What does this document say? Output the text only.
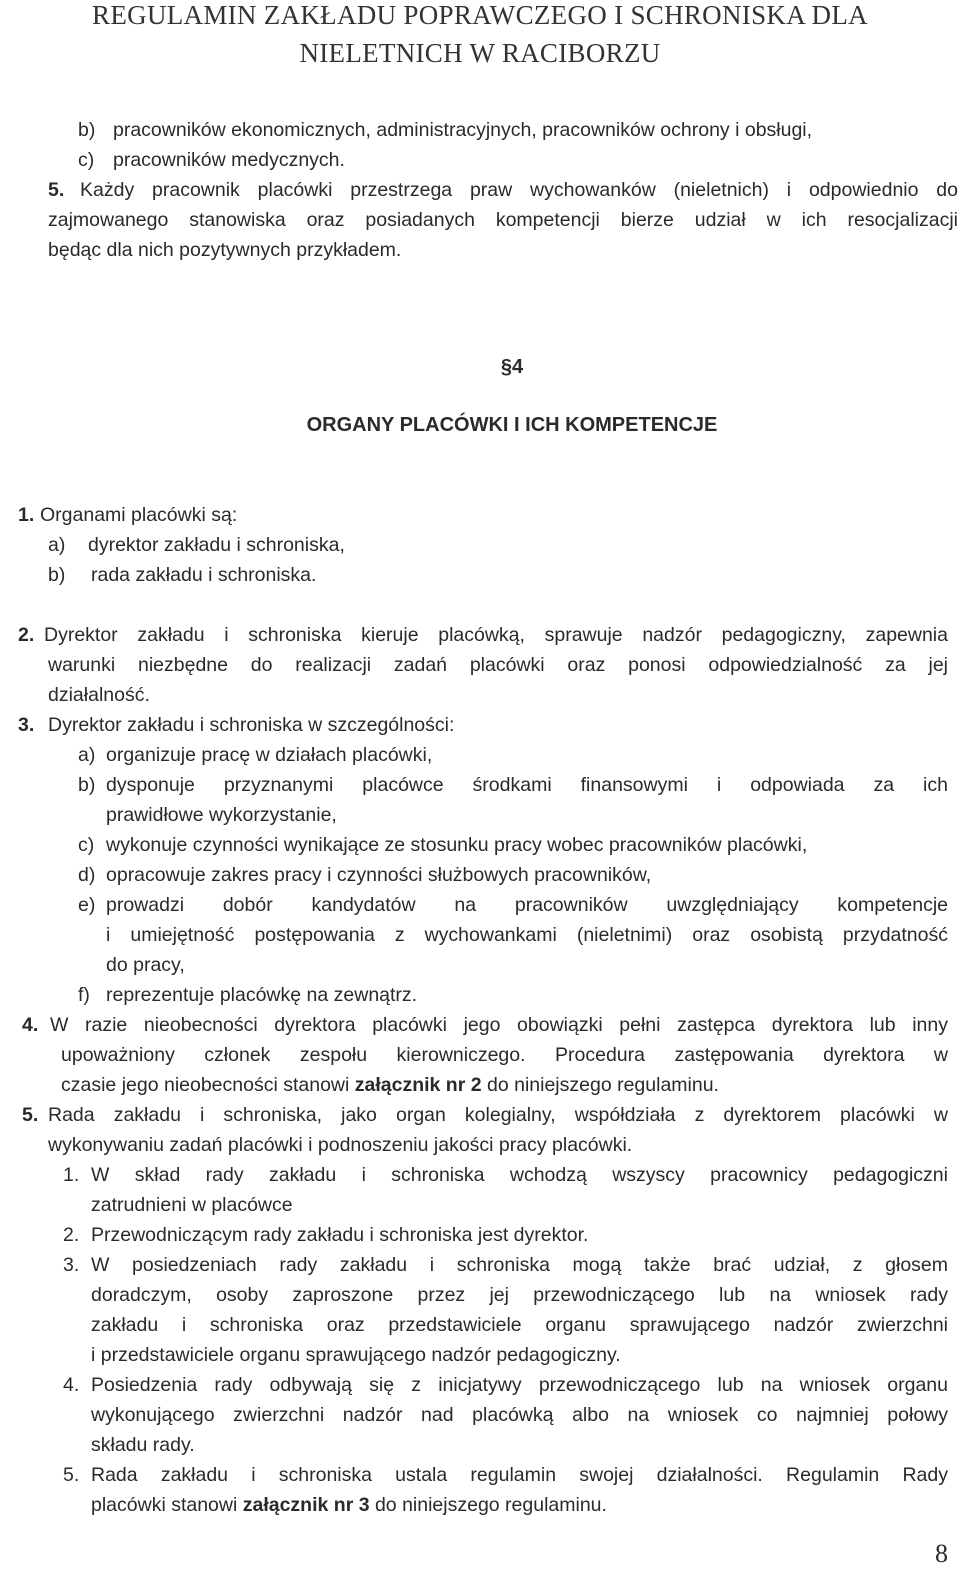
REGULAMIN ZAKŁADU POPRAWCZEGO I SCHRONISKA DLA
NIELETNICH W RACIBORZU
b) pracowników ekonomicznych, administracyjnych, pracowników ochrony i obsługi,
c) pracowników medycznych.
5. Każdy pracownik placówki przestrzega praw wychowanków (nieletnich) i odpowiednio do
zajmowanego stanowiska oraz posiadanych kompetencji bierze udział w ich resocjalizacji
będąc dla nich pozytywnych przykładem.
§4
ORGANY PLACÓWKI I ICH KOMPETENCJE
1. Organami placówki są:
a) dyrektor zakładu i schroniska,
b) rada zakładu i schroniska.
2. Dyrektor zakładu i schroniska kieruje placówką, sprawuje nadzór pedagogiczny, zapewnia
warunki niezbędne do realizacji zadań placówki oraz ponosi odpowiedzialność za jej
działalność.
3. Dyrektor zakładu i schroniska w szczególności:
a) organizuje pracę w działach placówki,
b) dysponuje przyznanymi placówce środkami finansowymi i odpowiada za ich
prawidłowe wykorzystanie,
c) wykonuje czynności wynikające ze stosunku pracy wobec pracowników placówki,
d) opracowuje zakres pracy i czynności służbowych pracowników,
e) prowadzi dobór kandydatów na pracowników uwzględniający kompetencje
i umiejętność postępowania z wychowankami (nieletnimi) oraz osobistą przydatność
do pracy,
f) reprezentuje placówkę na zewnątrz.
4. W razie nieobecności dyrektora placówki jego obowiązki pełni zastępca dyrektora lub inny
upoważniony członek zespołu kierowniczego. Procedura zastępowania dyrektora w
czasie jego nieobecności stanowi załącznik nr 2 do niniejszego regulaminu.
5. Rada zakładu i schroniska, jako organ kolegialny, współdziała z dyrektorem placówki w
wykonywaniu zadań placówki i podnoszeniu jakości pracy placówki.
1. W skład rady zakładu i schroniska wchodzą wszyscy pracownicy pedagogiczni
zatrudnieni w placówce
2. Przewodniczącym rady zakładu i schroniska jest dyrektor.
3. W posiedzeniach rady zakładu i schroniska mogą także brać udział, z głosem
doradczym, osoby zaproszone przez jej przewodniczącego lub na wniosek rady
zakładu i schroniska oraz przedstawiciele organu sprawującego nadzór zwierzchni
i przedstawiciele organu sprawującego nadzór pedagogiczny.
4. Posiedzenia rady odbywają się z inicjatywy przewodniczącego lub na wniosek organu
wykonującego zwierzchni nadzór nad placówką albo na wniosek co najmniej połowy
składu rady.
5. Rada zakładu i schroniska ustala regulamin swojej działalności. Regulamin Rady
placówki stanowi załącznik nr 3 do niniejszego regulaminu.
8
